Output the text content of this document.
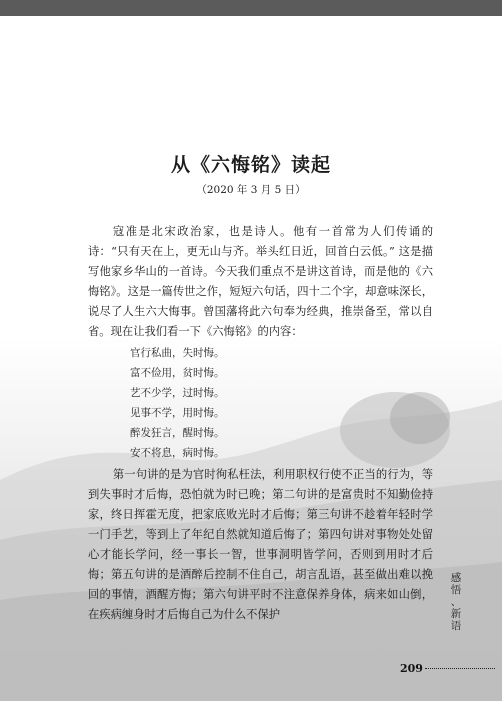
从《六悔铭》读起
（2020 年 3 月 5 日）

寇准是北宋政治家，也是诗人。他有一首常为人们传诵的诗：“只有天在上，更无山与齐。举头红日近，回首白云低。” 这是描写他家乡华山的一首诗。今天我们重点不是讲这首诗，而是他的《六悔铭》。这是一篇传世之作，短短六句话，四十二个字，却意味深长，说尽了人生六大悔事。曾国藩将此六句奉为经典，推崇备至，常以自省。现在让我们看一下《六悔铭》的内容：

官行私曲，失时悔。
富不俭用，贫时悔。
艺不少学，过时悔。
见事不学，用时悔。
醉发狂言，醒时悔。
安不将息，病时悔。

第一句讲的是为官时徇私枉法，利用职权行使不正当的行为，等到失事时才后悔，恐怕就为时已晚；第二句讲的是富贵时不知勤俭持家，终日挥霍无度，把家底败光时才后悔；第三句讲不趁着年轻时学一门手艺，等到上了年纪自然就知道后悔了；第四句讲对事物处处留心才能长学问，经一事长一智，世事洞明皆学问，否则到用时才后悔；第五句讲的是酒醉后控制不住自己，胡言乱语，甚至做出难以挽回的事情，酒醒方悔；第六句讲平时不注意保养身体，病来如山倒，在疾病缠身时才后悔自己为什么不保护

感
悟
、
新
语
209
